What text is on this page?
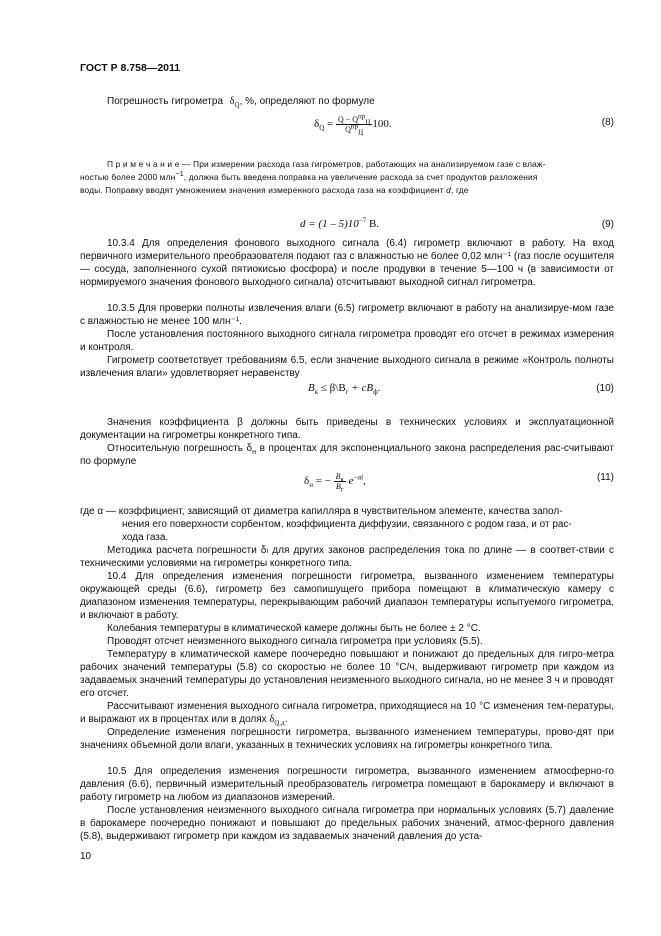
ГОСТ Р 8.758—2011
Погрешность гигрометра $\delta_Q$, %, определяют по формуле
$\delta_Q = \frac{Q - Q^{пр}_Ц}{Q^{пр}_Ц} 100$.	(8)
П р и м е ч а н и е — При измерении расхода газа гигрометров, работающих на анализируемом газе с влаж-
ностью более 2000 млн$^{-1}$, должна быть введена поправка на увеличение расхода за счет продуктов разложения
воды. Поправку вводят умножением значения измеренного расхода газа на коэффициент d, где
$d = (1 - 5)10^{-7}$ В.	(9)
10.3.4 Для определения фонового выходного сигнала (6.4) гигрометр включают в работу. На вход первичного измерительного преобразователя подают газ с влажностью не более 0,02 млн⁻¹ (газ после осушителя — сосуда, заполненного сухой пятиокисью фосфора) и после продувки в течение 5—100 ч (в зависимости от нормируемого значения фонового выходного сигнала) отсчитывают выходной сигнал гигрометра.
10.3.5 Для проверки полноты извлечения влаги (6.5) гигрометр включают в работу на анализируе-мом газе с влажностью не менее 100 млн⁻¹.
После установления постоянного выходного сигнала гигрометра проводят его отсчет в режимах измерения и контроля.
Гигрометр соответствует требованиям 6.5, если значение выходного сигнала в режиме «Контроль полноты извлечения влаги» удовлетворяет неравенству
$B_к$ ≤ $\beta\backslash B_г + cB_ф$.	(10)
Значения коэффициента β должны быть приведены в технических условиях и эксплуатационной документации на гигрометры конкретного типа.
Относительную погрешность $\delta_н$ в процентах для экспоненциального закона распределения рас-считывают по формуле
$\delta_н$ = − $\frac{B_к}{B_г} e^{-\alpha l}$,	(11)
где α — коэффициент, зависящий от диаметра капилляра в чувствительном элементе, качества запол-
нения его поверхности сорбентом, коэффициента диффузии, связанного с родом газа, и от рас-
хода газа.
Методика расчета погрешности δₗ для других законов распределения тока по длине — в соответ-ствии с техническими условиями на гигрометры конкретного типа.
10.4 Для определения изменения погрешности гигрометра, вызванного изменением температуры окружающей среды (6.6), гигрометр без самопишущего прибора помещают в климатическую камеру с диапазоном изменения температуры, перекрывающим рабочий диапазон температуры испытуемого гигрометра, и включают в работу.
Колебания температуры в климатической камере должны быть не более ± 2 °С.
Проводят отсчет неизменного выходного сигнала гигрометра при условиях (5.5).
Температуру в климатической камере поочередно повышают и понижают до предельных для гигро-метра рабочих значений температуры (5.8) со скоростью не более 10 °С/ч, выдерживают гигрометр при каждом из задаваемых значений температуры до установления неизменного выходного сигнала, но не менее 3 ч и проводят его отсчет.
Рассчитывают изменения выходного сигнала гигрометра, приходящиеся на 10 °С изменения тем-пературы, и выражают их в процентах или в долях $\delta_{Q.д}$.
Определение изменения погрешности гигрометра, вызванного изменением температуры, прово-дят при значениях объемной доли влаги, указанных в технических условиях на гигрометры конкретного типа.
10.5 Для определения изменения погрешности гигрометра, вызванного изменением атмосферно-го давления (6.6), первичный измерительный преобразователь гигрометра помещают в барокамеру и включают в работу гигрометр на любом из диапазонов измерений.
После установления неизменного выходного сигнала гигрометра при нормальных условиях (5.7) давление в барокамере поочередно понижают и повышают до предельных рабочих значений, атмос-ферного давления (5.8), выдерживают гигрометр при каждом из задаваемых значений давления до уста-
10
